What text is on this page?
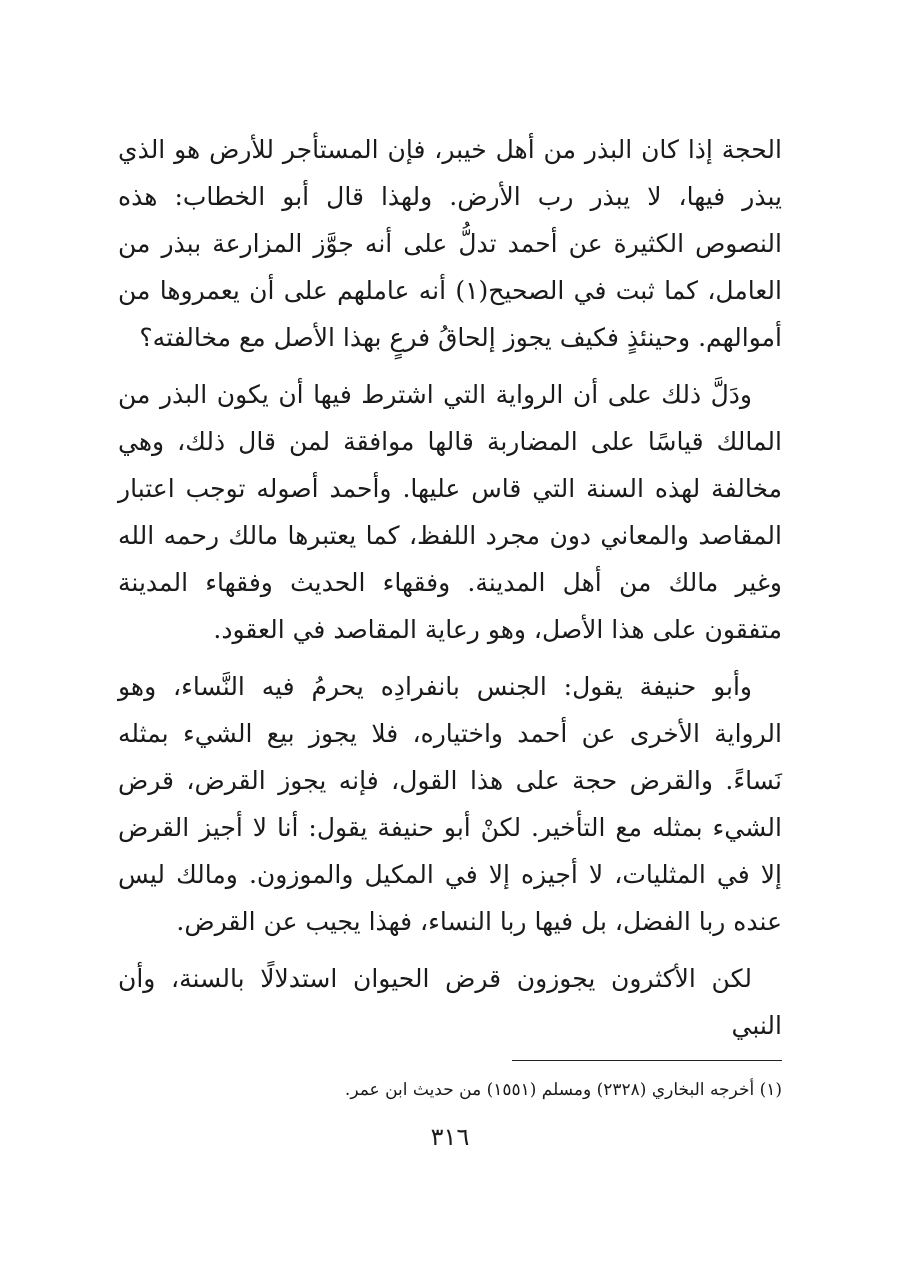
الحجة إذا كان البذر من أهل خيبر، فإن المستأجر للأرض هو الذي يبذر فيها، لا يبذر رب الأرض. ولهذا قال أبو الخطاب: هذه النصوص الكثيرة عن أحمد تدلُّ على أنه جوَّز المزارعة ببذر من العامل، كما ثبت في الصحيح(١) أنه عاملهم على أن يعمروها من أموالهم. وحينئذٍ فكيف يجوز إلحاقُ فرعٍ بهذا الأصل مع مخالفته؟

ودَلَّ ذلك على أن الرواية التي اشترط فيها أن يكون البذر من المالك قياسًا على المضاربة قالها موافقة لمن قال ذلك، وهي مخالفة لهذه السنة التي قاس عليها. وأحمد أصوله توجب اعتبار المقاصد والمعاني دون مجرد اللفظ، كما يعتبرها مالك رحمه الله وغير مالك من أهل المدينة. وفقهاء الحديث وفقهاء المدينة متفقون على هذا الأصل، وهو رعاية المقاصد في العقود.

وأبو حنيفة يقول: الجنس بانفرادِه يحرمُ فيه النَّساء، وهو الرواية الأخرى عن أحمد واختياره، فلا يجوز بيع الشيء بمثله نَساءً. والقرض حجة على هذا القول، فإنه يجوز القرض، قرض الشيء بمثله مع التأخير. لكنْ أبو حنيفة يقول: أنا لا أجيز القرض إلا في المثليات، لا أجيزه إلا في المكيل والموزون. ومالك ليس عنده ربا الفضل، بل فيها ربا النساء، فهذا يجيب عن القرض.

لكن الأكثرون يجوزون قرض الحيوان استدلالًا بالسنة، وأن النبي

(١) أخرجه البخاري (٢٣٢٨) ومسلم (١٥٥١) من حديث ابن عمر.
٣١٦
